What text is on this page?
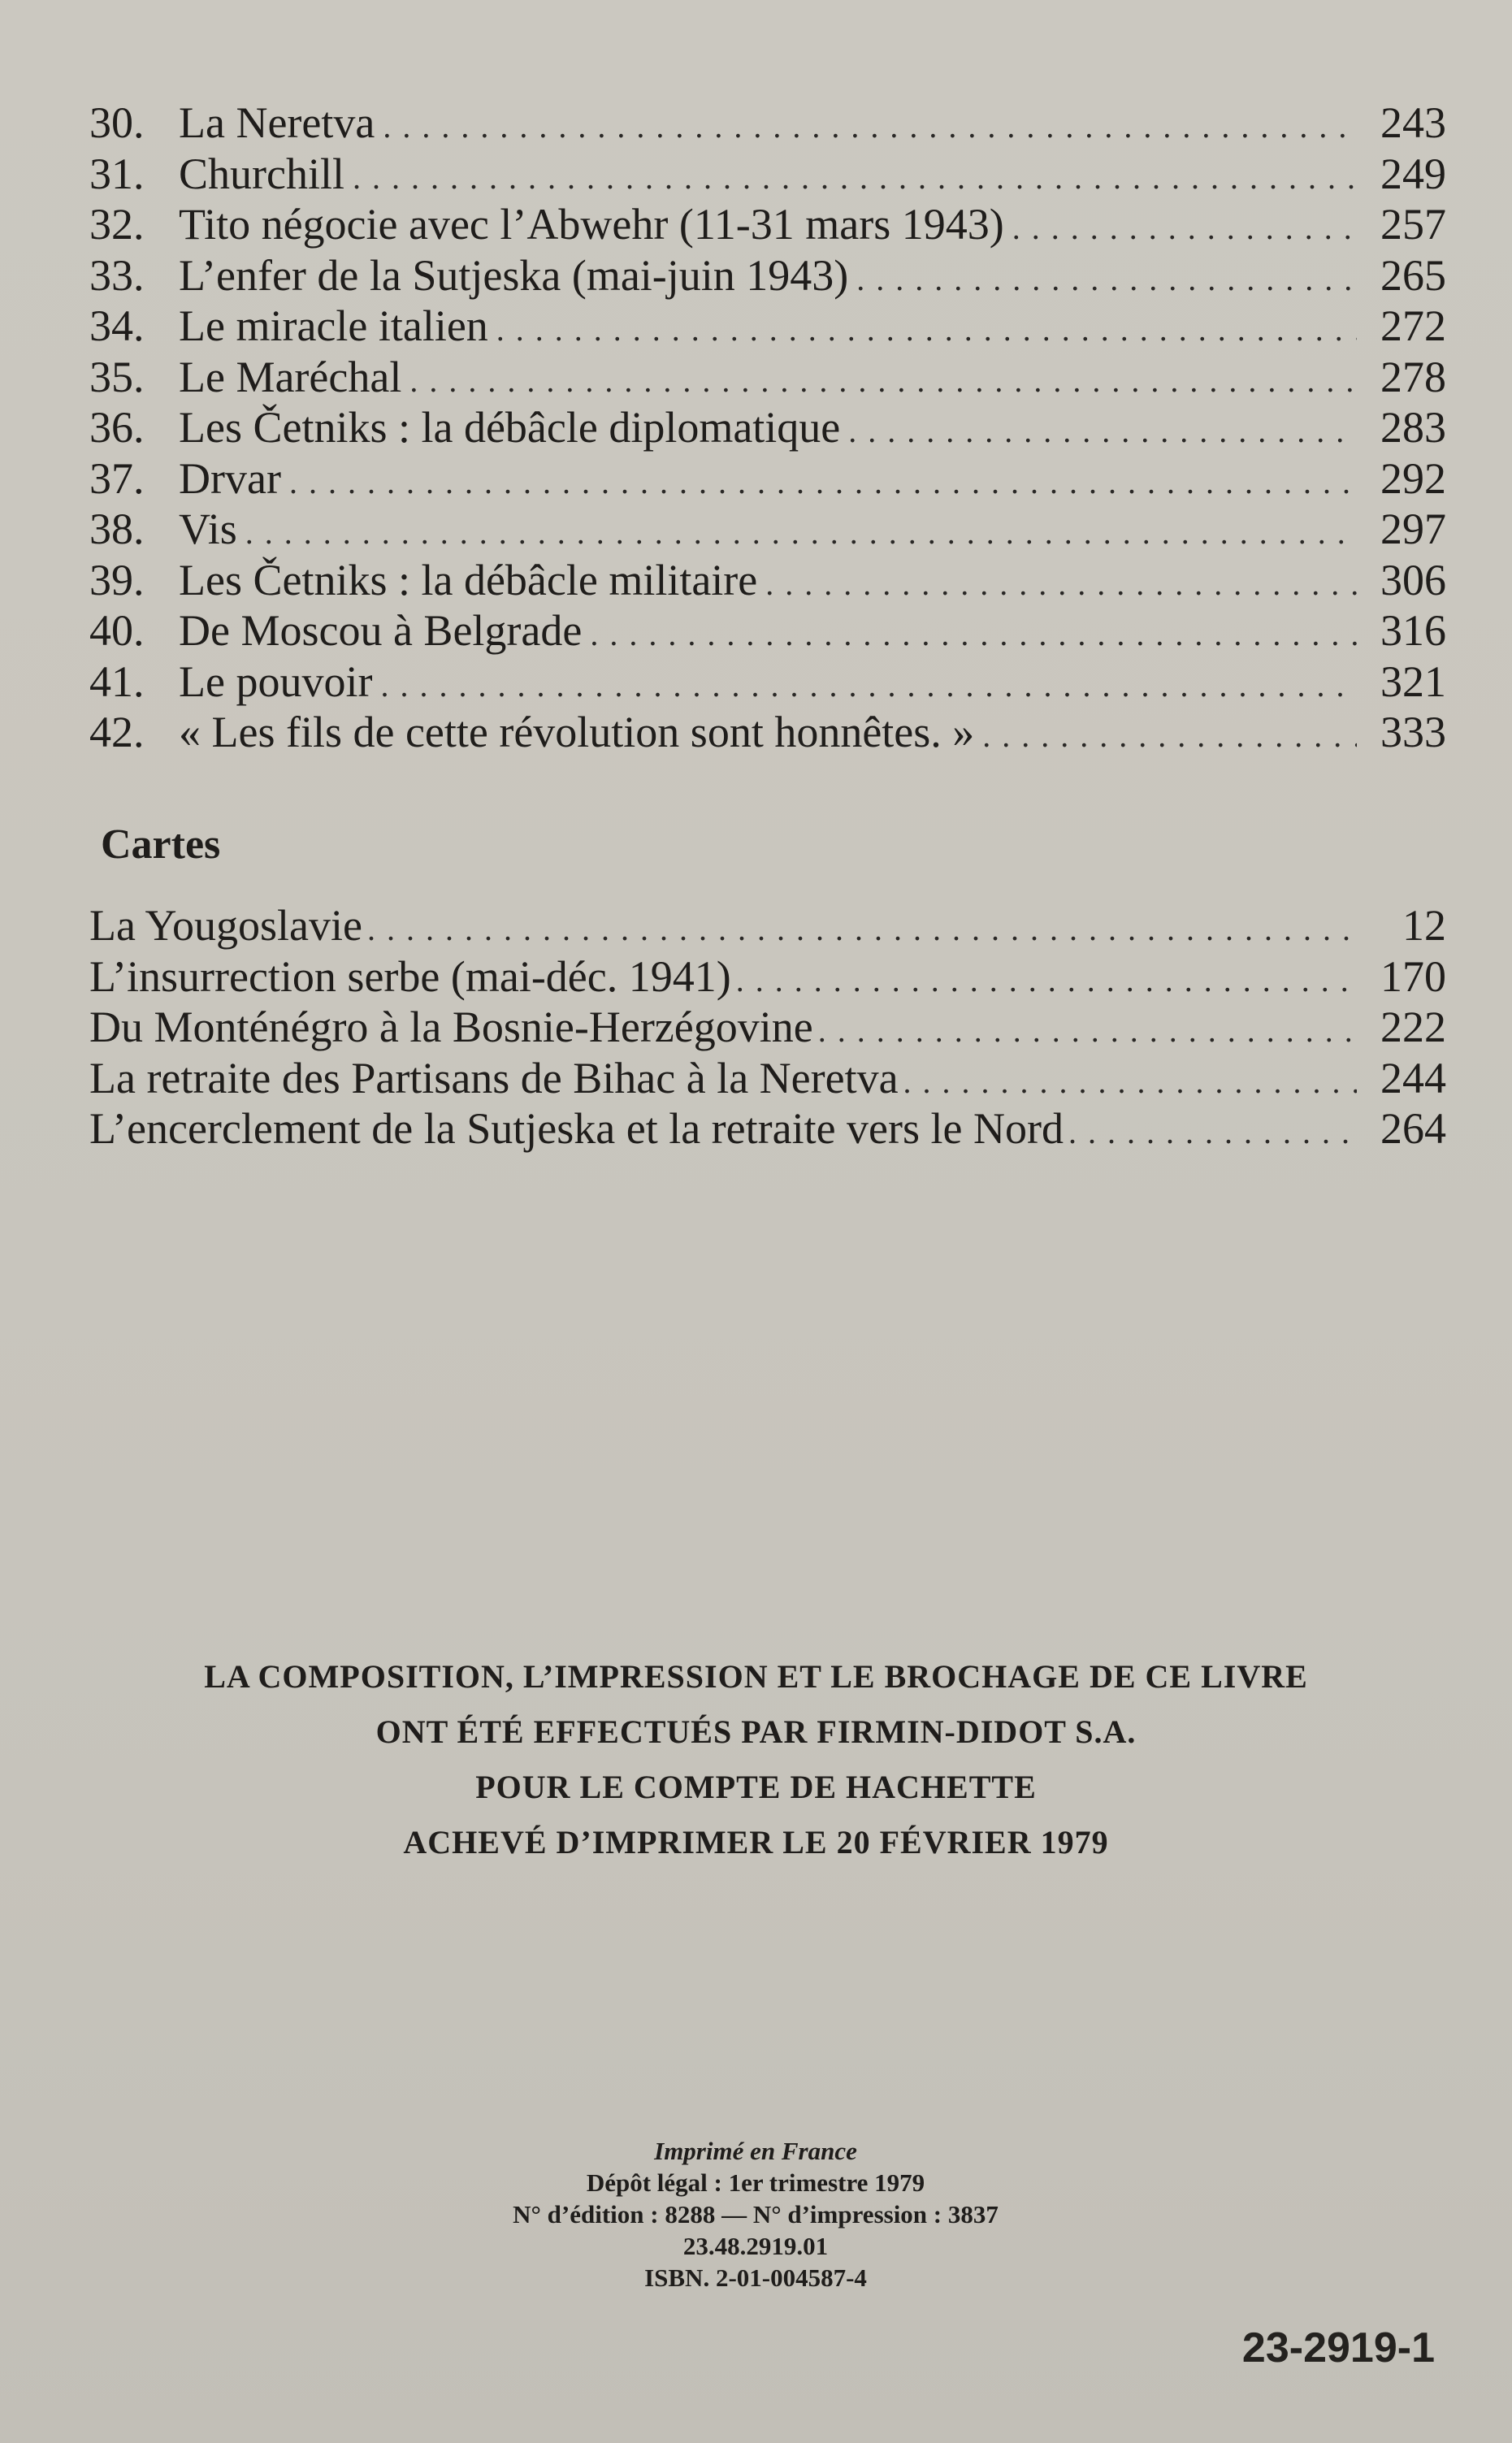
30. La Neretva . . .	243
31. Churchill . . .	249
32. Tito négocie avec l’Abwehr (11-31 mars 1943) . . .	257
33. L’enfer de la Sutjeska (mai-juin 1943) . . .	265
34. Le miracle italien . . .	272
35. Le Maréchal . . .	278
36. Les Četniks : la débâcle diplomatique . . .	283
37. Drvar . . .	292
38. Vis . . .	297
39. Les Četniks : la débâcle militaire . . .	306
40. De Moscou à Belgrade . . .	316
41. Le pouvoir . . .	321
42. « Les fils de cette révolution sont honnêtes. » . . .	333
Cartes
La Yougoslavie . . .	12
L’insurrection serbe (mai-déc. 1941) . . .	170
Du Monténégro à la Bosnie-Herzégovine . . .	222
La retraite des Partisans de Bihac à la Neretva . . .	244
L’encerclement de la Sutjeska et la retraite vers le Nord . . .	264
LA COMPOSITION, L’IMPRESSION ET LE BROCHAGE DE CE LIVRE
ONT ÉTÉ EFFECTUÉS PAR FIRMIN-DIDOT S.A.
POUR LE COMPTE DE HACHETTE
ACHEVÉ D’IMPRIMER LE 20 FÉVRIER 1979
Imprimé en France
Dépôt légal : 1er trimestre 1979
N° d’édition : 8288 — N° d’impression : 3837
23.48.2919.01
ISBN. 2-01-004587-4
23-2919-1
